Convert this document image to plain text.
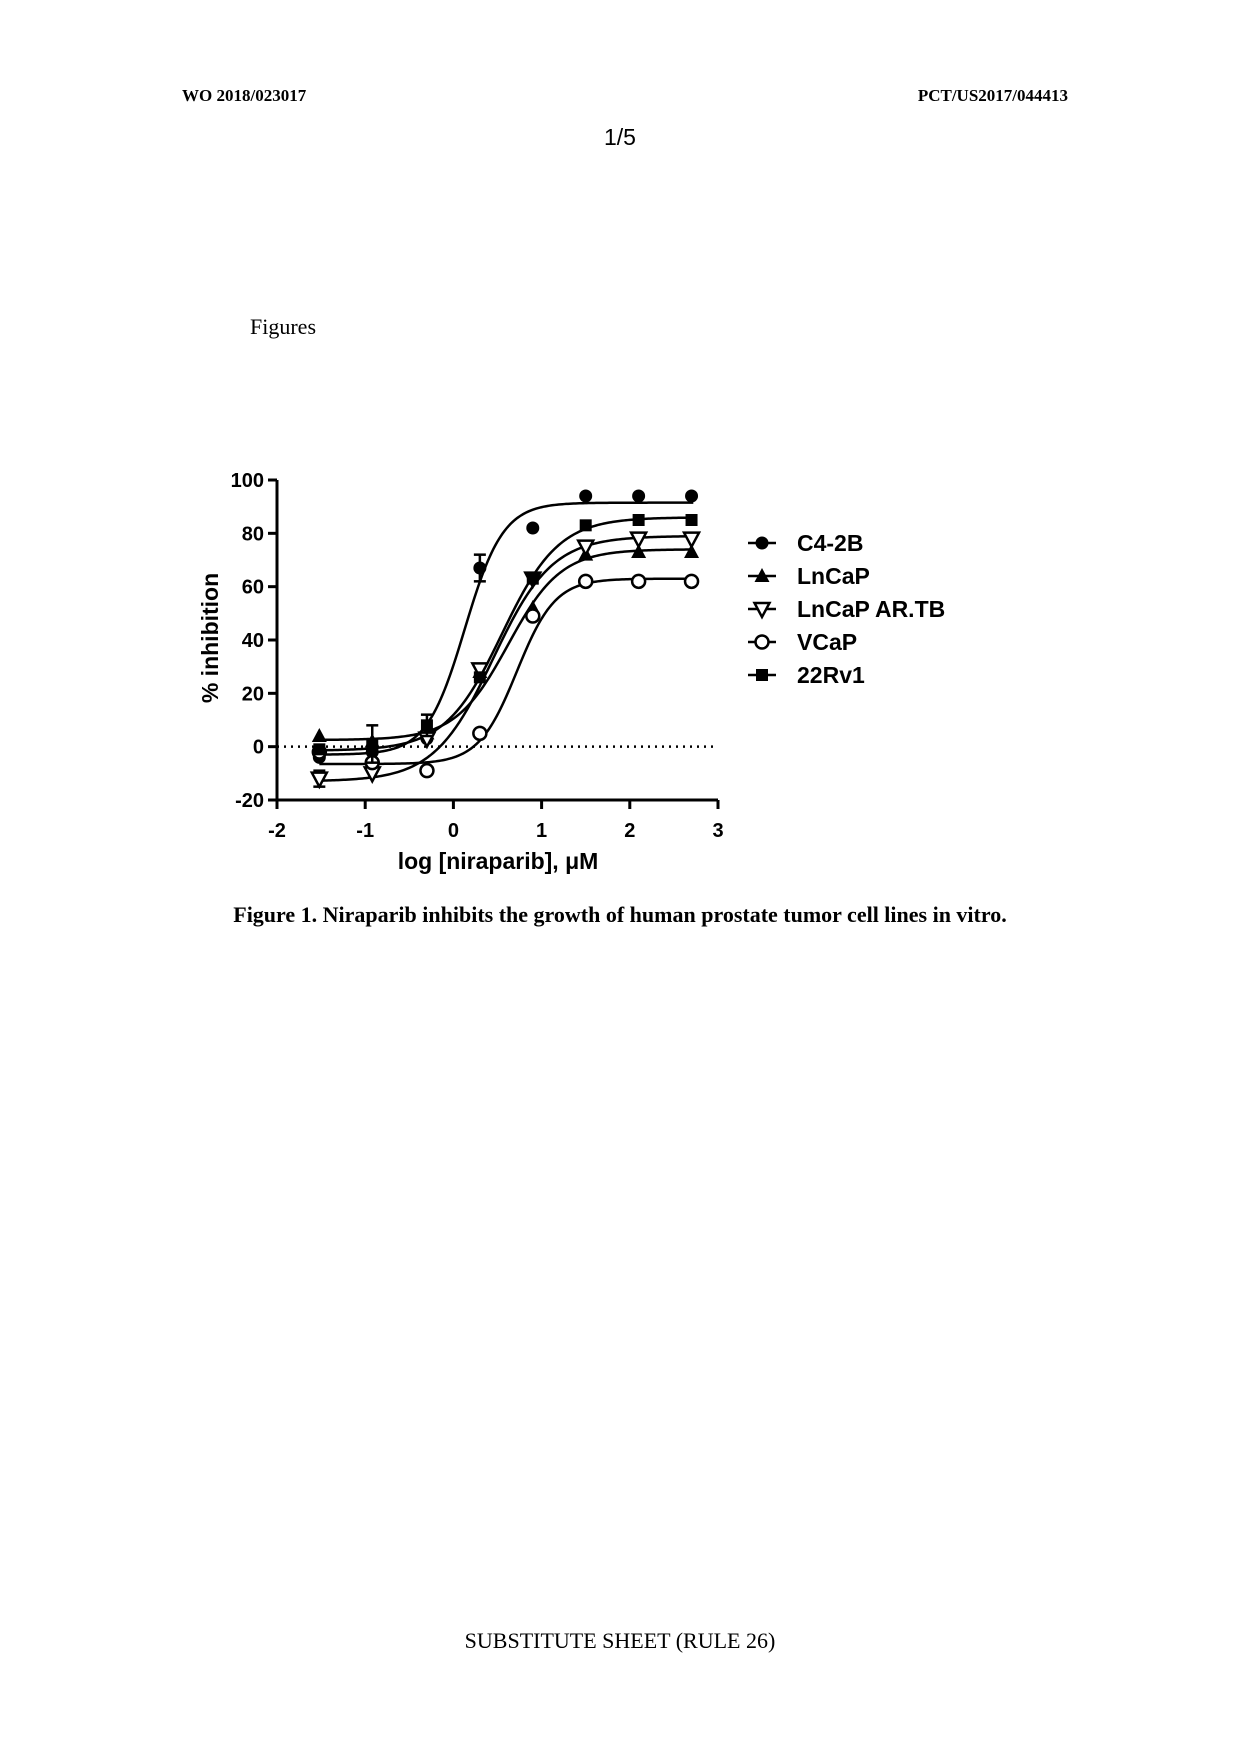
WO 2018/023017	PCT/US2017/044413
1/5
Figures
-2	-1	0	1	2	3
-20
0
20
40
60
80
100
C4-2B
LnCaP
LnCaP AR.TB
VCaP
22Rv1
log [niraparib], μM
% inhibition
Figure 1. Niraparib inhibits the growth of human prostate tumor cell lines in vitro.
SUBSTITUTE SHEET (RULE 26)
